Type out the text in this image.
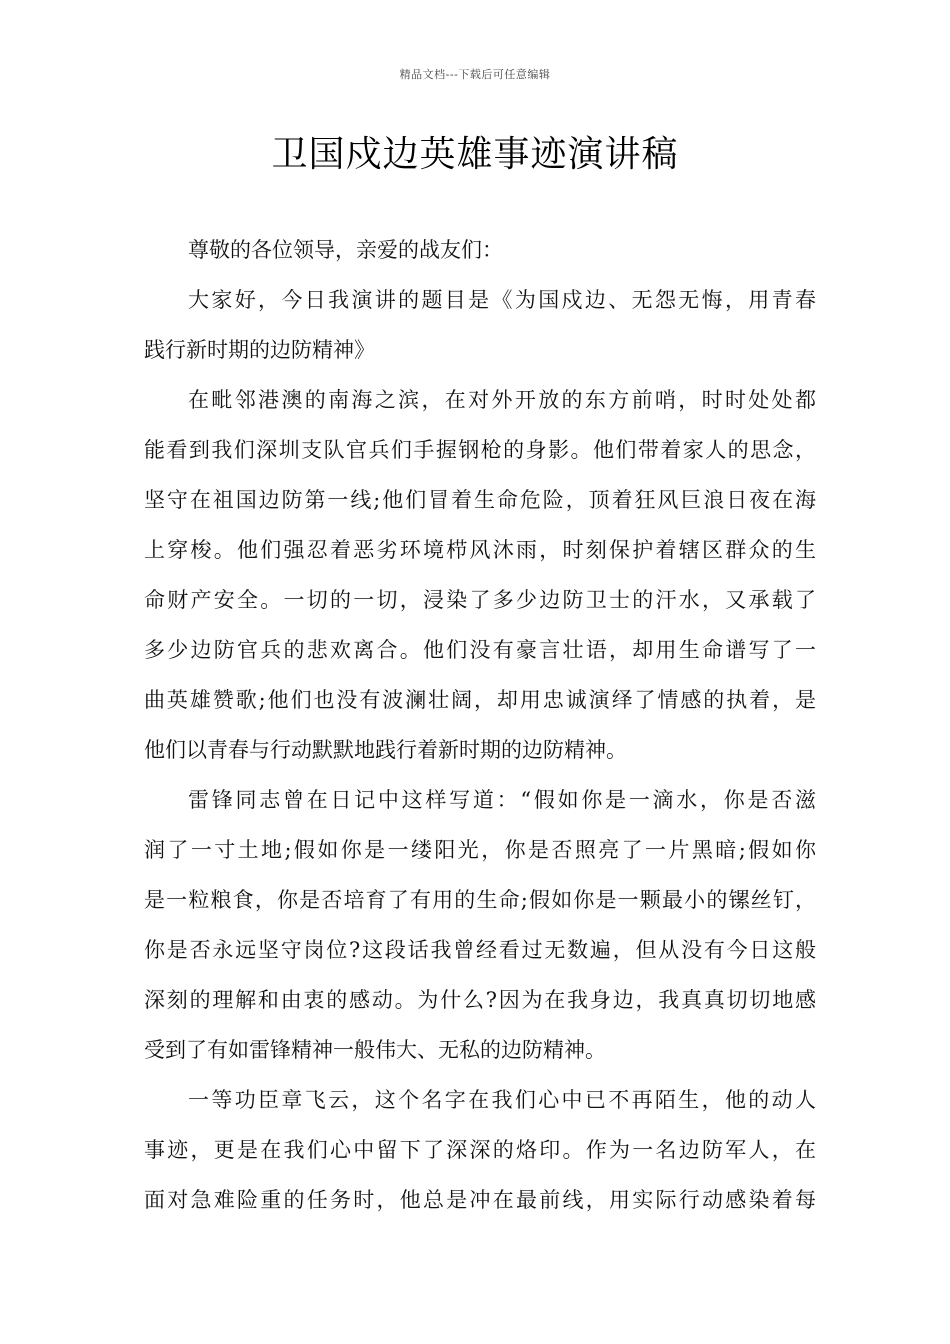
精品文档---下载后可任意编辑
卫国戍边英雄事迹演讲稿
尊敬的各位领导，亲爱的战友们：
大家好，今日我演讲的题目是《为国戍边、无怨无悔，用青春
践行新时期的边防精神》
在毗邻港澳的南海之滨，在对外开放的东方前哨，时时处处都
能看到我们深圳支队官兵们手握钢枪的身影。他们带着家人的思念，
坚守在祖国边防第一线;他们冒着生命危险，顶着狂风巨浪日夜在海
上穿梭。他们强忍着恶劣环境栉风沐雨，时刻保护着辖区群众的生
命财产安全。一切的一切，浸染了多少边防卫士的汗水，又承载了
多少边防官兵的悲欢离合。他们没有豪言壮语，却用生命谱写了一
曲英雄赞歌;他们也没有波澜壮阔，却用忠诚演绎了情感的执着，是
他们以青春与行动默默地践行着新时期的边防精神。
雷锋同志曾在日记中这样写道：“假如你是一滴水，你是否滋
润了一寸土地;假如你是一缕阳光，你是否照亮了一片黑暗;假如你
是一粒粮食，你是否培育了有用的生命;假如你是一颗最小的镙丝钉，
你是否永远坚守岗位?这段话我曾经看过无数遍，但从没有今日这般
深刻的理解和由衷的感动。为什么?因为在我身边，我真真切切地感
受到了有如雷锋精神一般伟大、无私的边防精神。
一等功臣章飞云，这个名字在我们心中已不再陌生，他的动人
事迹，更是在我们心中留下了深深的烙印。作为一名边防军人，在
面对急难险重的任务时，他总是冲在最前线，用实际行动感染着每
